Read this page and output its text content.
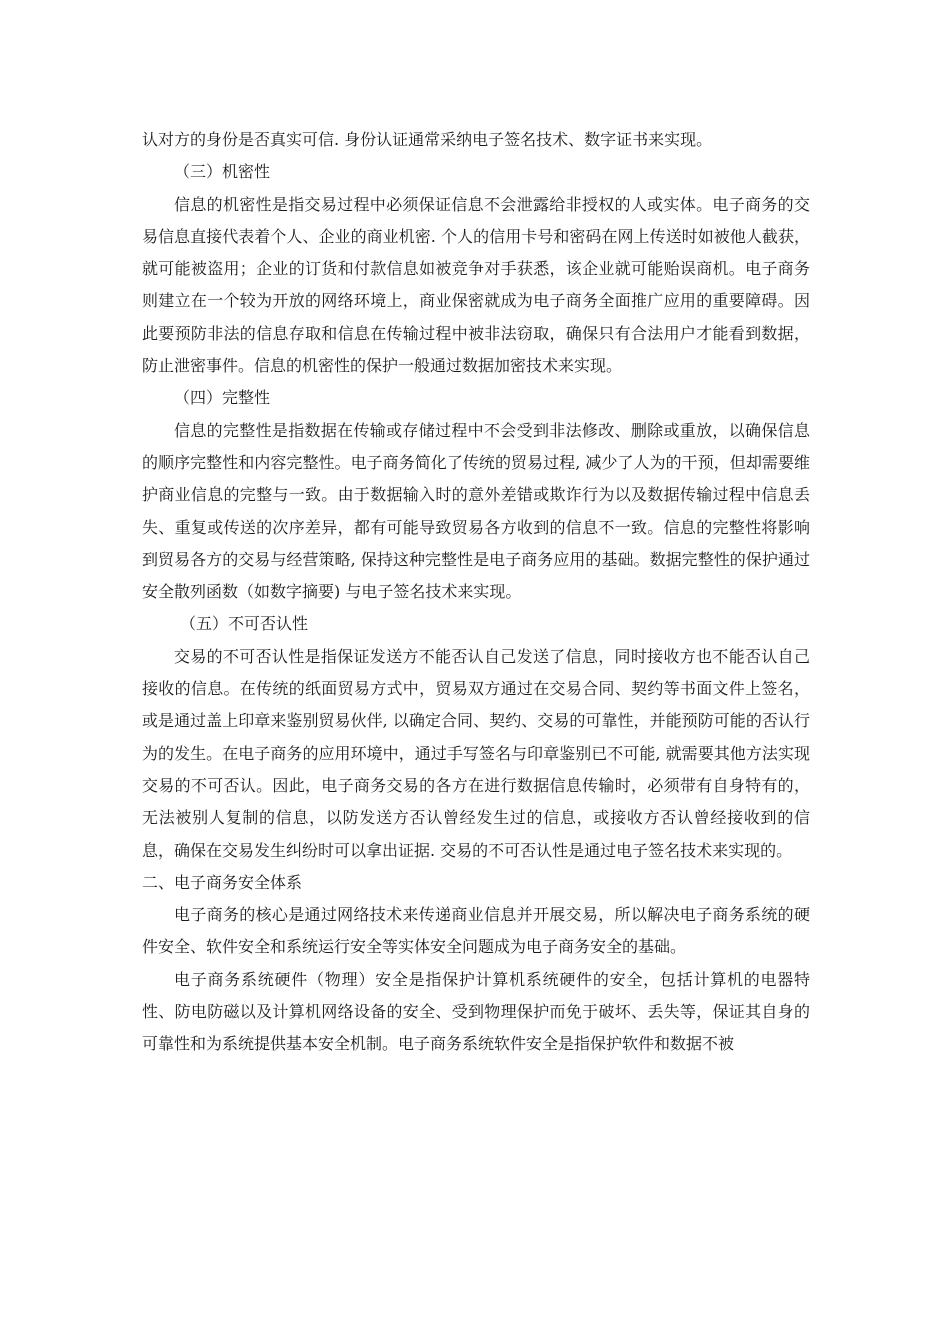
认对方的身份是否真实可信. 身份认证通常采纳电子签名技术、数字证书来实现。

（三）机密性

信息的机密性是指交易过程中必须保证信息不会泄露给非授权的人或实体。电子商务的交易信息直接代表着个人、企业的商业机密. 个人的信用卡号和密码在网上传送时如被他人截获，就可能被盗用；企业的订货和付款信息如被竞争对手获悉，该企业就可能贻误商机。电子商务则建立在一个较为开放的网络环境上，商业保密就成为电子商务全面推广应用的重要障碍。因此要预防非法的信息存取和信息在传输过程中被非法窃取，确保只有合法用户才能看到数据，防止泄密事件。信息的机密性的保护一般通过数据加密技术来实现。

（四）完整性

信息的完整性是指数据在传输或存储过程中不会受到非法修改、删除或重放，以确保信息的顺序完整性和内容完整性。电子商务简化了传统的贸易过程, 减少了人为的干预，但却需要维护商业信息的完整与一致。由于数据输入时的意外差错或欺诈行为以及数据传输过程中信息丢失、重复或传送的次序差异，都有可能导致贸易各方收到的信息不一致。信息的完整性将影响到贸易各方的交易与经营策略, 保持这种完整性是电子商务应用的基础。数据完整性的保护通过安全散列函数（如数字摘要) 与电子签名技术来实现。

（五）不可否认性

交易的不可否认性是指保证发送方不能否认自己发送了信息，同时接收方也不能否认自己接收的信息。在传统的纸面贸易方式中，贸易双方通过在交易合同、契约等书面文件上签名，或是通过盖上印章来鉴别贸易伙伴, 以确定合同、契约、交易的可靠性，并能预防可能的否认行为的发生。在电子商务的应用环境中，通过手写签名与印章鉴别已不可能, 就需要其他方法实现交易的不可否认。因此，电子商务交易的各方在进行数据信息传输时，必须带有自身特有的，无法被别人复制的信息，以防发送方否认曾经发生过的信息，或接收方否认曾经接收到的信息，确保在交易发生纠纷时可以拿出证据. 交易的不可否认性是通过电子签名技术来实现的。

二、电子商务安全体系

电子商务的核心是通过网络技术来传递商业信息并开展交易，所以解决电子商务系统的硬件安全、软件安全和系统运行安全等实体安全问题成为电子商务安全的基础。

电子商务系统硬件（物理）安全是指保护计算机系统硬件的安全，包括计算机的电器特性、防电防磁以及计算机网络设备的安全、受到物理保护而免于破坏、丢失等，保证其自身的可靠性和为系统提供基本安全机制。电子商务系统软件安全是指保护软件和数据不被
